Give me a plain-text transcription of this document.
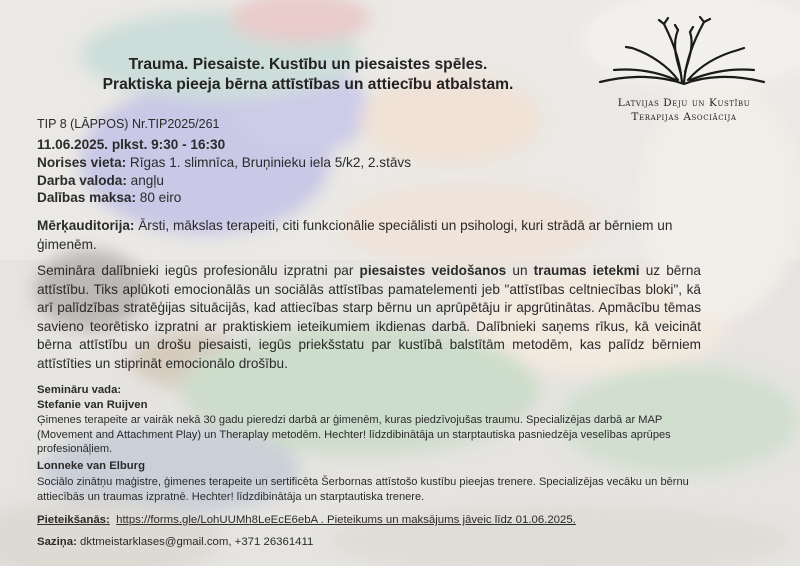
Trauma. Piesaiste. Kustību un piesaistes spēles.
Praktiska pieeja bērna attīstības un attiecību atbalstam.
Latvijas Deju un Kustību
Terapijas Asociācija
TIP 8 (LĀPPOS) Nr.TIP2025/261
11.06.2025. plkst. 9:30 - 16:30
Norises vieta: Rīgas 1. slimnīca, Bruņinieku iela 5/k2, 2.stāvs
Darba valoda: angļu
Dalības maksa: 80 eiro
Mērķauditorija: Ārsti, mākslas terapeiti, citi funkcionālie speciālisti un psihologi, kuri strādā ar bērniem un ģimenēm.
Semināra dalībnieki iegūs profesionālu izpratni par piesaistes veidošanos un traumas ietekmi uz bērna attīstību. Tiks aplūkoti emocionālās un sociālās attīstības pamatelementi jeb "attīstības celtniecības bloki", kā arī palīdzības stratēģijas situācijās, kad attiecības starp bērnu un aprūpētāju ir apgrūtinātas. Apmācību tēmas savieno teorētisko izpratni ar praktiskiem ieteikumiem ikdienas darbā. Dalībnieki saņems rīkus, kā veicināt bērna attīstību un drošu piesaisti, iegūs priekšstatu par kustībā balstītām metodēm, kas palīdz bērniem attīstīties un stiprināt emocionālo drošību.
Semināru vada:
Stefanie van Ruijven
Ģimenes terapeite ar vairāk nekā 30 gadu pieredzi darbā ar ģimenēm, kuras piedzīvojušas traumu. Specializējas darbā ar MAP (Movement and Attachment Play) un Theraplay metodēm. Hechter! līdzdibinātāja un starptautiska pasniedzēja veselības aprūpes profesionāļiem.
Lonneke van Elburg
Sociālo zinātņu maģistre, ģimenes terapeite un sertificēta Šerbornas attīstošo kustību pieejas trenere. Specializējas vecāku un bērnu attiecībās un traumas izpratnē. Hechter! līdzdibinātāja un starptautiska trenere.
Pieteikšanās: https://forms.gle/LohUUMh8LeEcE6ebA . Pieteikums un maksājums jāveic līdz 01.06.2025.
Saziņa: dktmeistarklases@gmail.com, +371 26361411
